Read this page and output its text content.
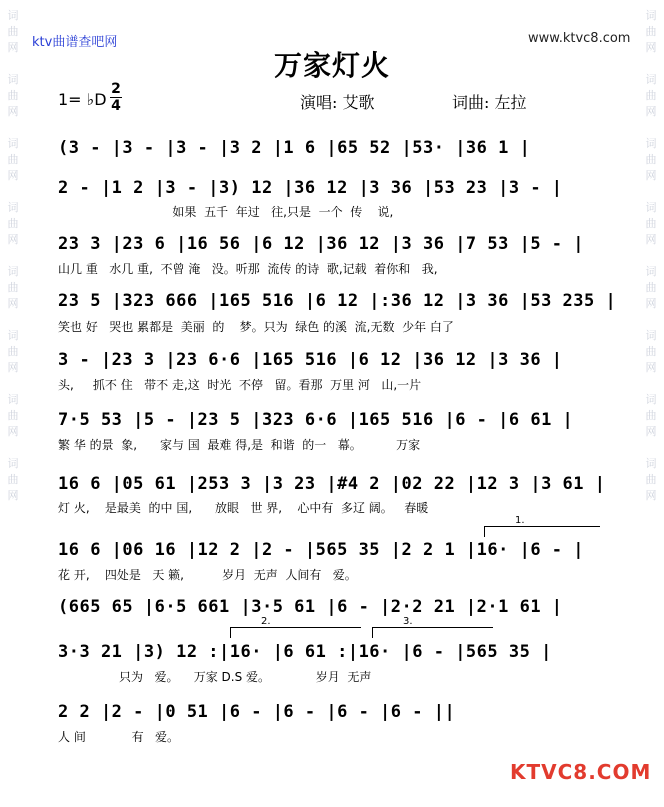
词曲网

词曲网

词曲网

词曲网

词曲网

词曲网

词曲网

词曲网
词曲网

词曲网

词曲网

词曲网

词曲网

词曲网

词曲网

词曲网
ktv曲谱查吧网	www.ktvc8.com
万家灯火
1= ♭D
2
4	演唱: 艾歌	词曲: 左拉
(3 - |3 - |3 - |3 2 |1 6 |65 52 |53· |36 1 |
2 - |1 2 |3 - |3) 12 |36 12 |3 36 |53 23 |3 - |
如果  五千  年过   往,只是  一个  传    说,
23 3 |23 6 |16 56 |6 12 |36 12 |3 36 |7 53 |5 - |
山几 重   水几 重,  不曾 淹   没。听那  流传 的诗  歌,记载  着你和   我,
23 5 |323 666 |165 516 |6 12 |:36 12 |3 36 |53 235 |
笑也 好   哭也 累都是  美丽  的    梦。只为  绿色 的溪  流,无数  少年 白了
3 - |23 3 |23 6·6 |165 516 |6 12 |36 12 |3 36 |
头,     抓不 住   带不 走,这  时光  不停   留。看那  万里 河   山,一片
7·5 53 |5 - |23 5 |323 6·6 |165 516 |6 - |6 61 |
繁 华 的景  象,      家与 国  最难 得,是  和谐  的一   幕。         万家
16 6 |05 61 |253 3 |3 23 |#4 2 |02 22 |12 3 |3 61 |
灯 火,    是最美  的中 国,      放眼   世 界,    心中有  多辽 阔。   春暖
1.
16 6 |06 16 |12 2 |2 - |565 35 |2 2 1 |16· |6 - |
花 开,    四处是   天 籁,          岁月  无声  人间有   爱。
(665 65 |6·5 661 |3·5 61 |6 - |2·2 21 |2·1 61 |
2.	3.
3·3 21 |3) 12 :|16· |6 61 :|16· |6 - |565 35 |
只为   爱。    万家 D.S 爱。            岁月  无声
2 2 |2 - |0 51 |6 - |6 - |6 - |6 - ||
人 间            有   爱。
KTVC8.COM
